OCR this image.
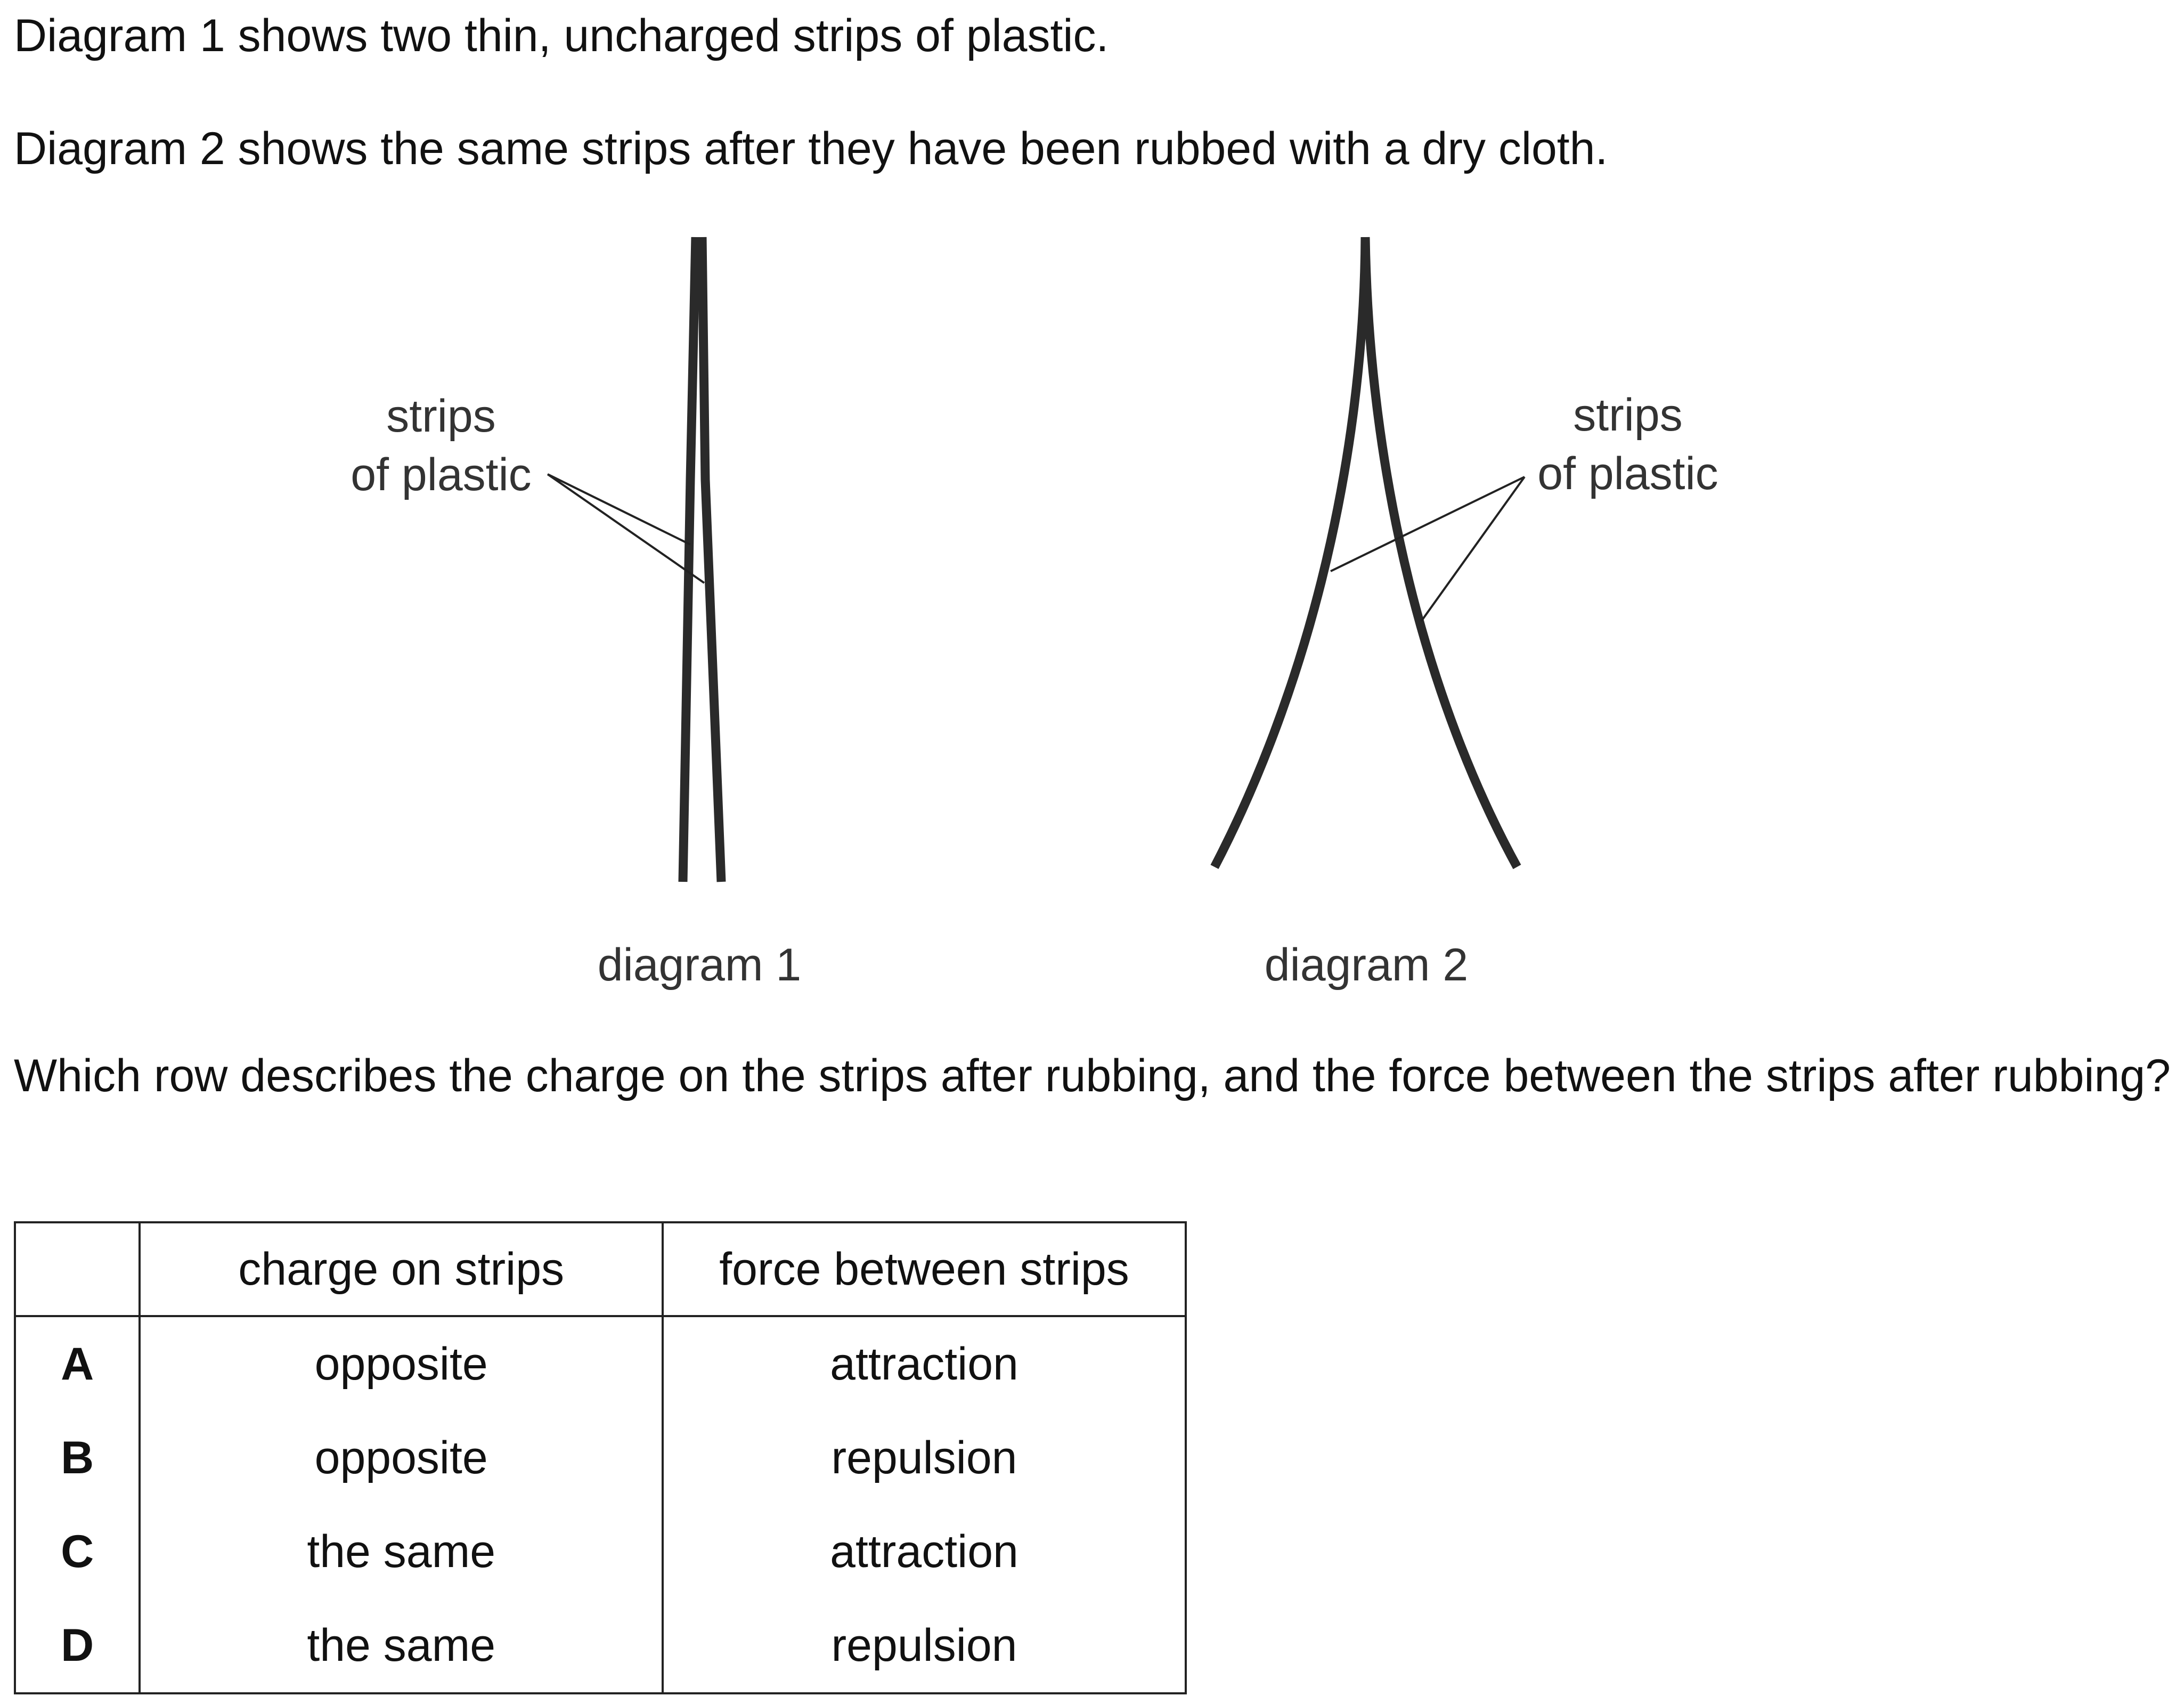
Diagram 1 shows two thin, uncharged strips of plastic.

Diagram 2 shows the same strips after they have been rubbed with a dry cloth.

strips
of plastic
diagram 1
strips
of plastic
diagram 2

Which row describes the charge on the strips after rubbing, and the force between the strips after rubbing?

	charge on strips	force between strips
A	opposite	attraction
B	opposite	repulsion
C	the same	attraction
D	the same	repulsion
